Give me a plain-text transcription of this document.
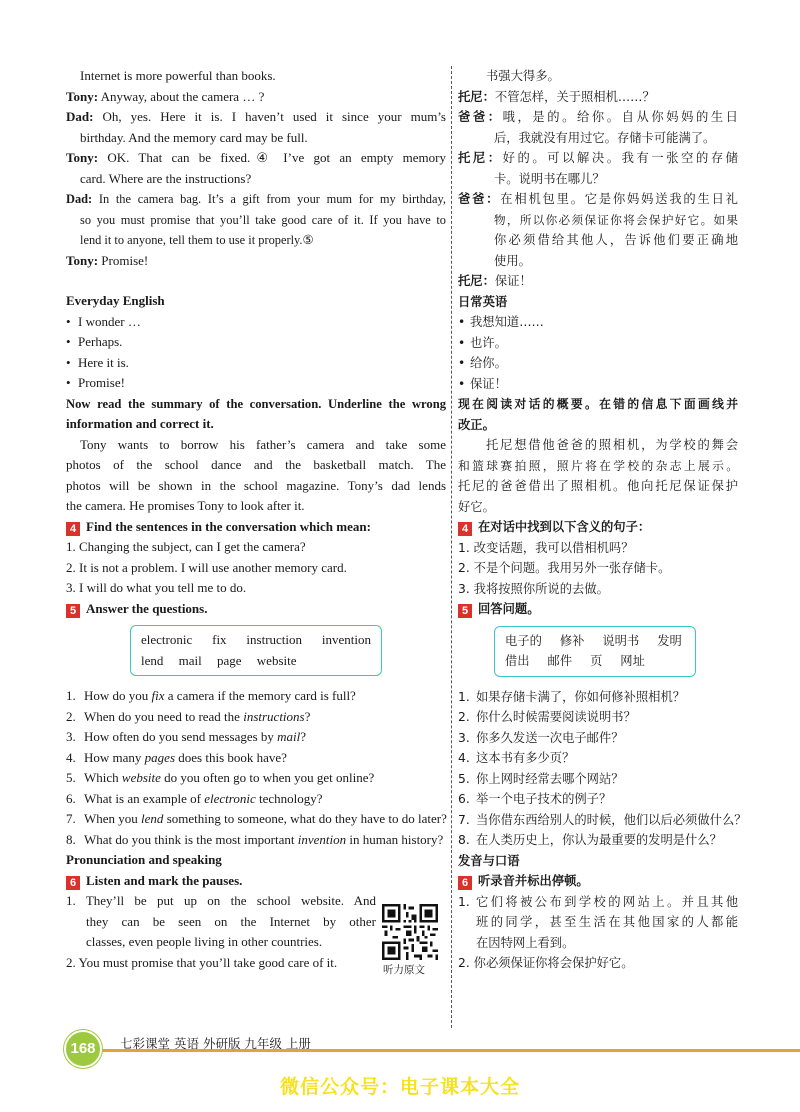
Internet is more powerful than books.
Tony: Anyway, about the camera … ?
Dad: Oh, yes. Here it is. I haven’t used it since your mum’s
birthday. And the memory card may be full.
Tony: OK. That can be fixed.④ I’ve got an empty memory
card. Where are the instructions?
Dad: In the camera bag. It’s a gift from your mum for my birthday,
so you must promise that you’ll take good care of it. If you have to
lend it to anyone, tell them to use it properly.⑤
Tony: Promise!
Everyday English
• I wonder …
• Perhaps.
• Here it is.
• Promise!
Now read the summary of the conversation. Underline the wrong
information and correct it.
Tony wants to borrow his father’s camera and take some
photos of the school dance and the basketball match. The
photos will be shown in the school magazine. Tony’s dad lends
the camera. He promises Tony to look after it.
4 Find the sentences in the conversation which mean:
1. Changing the subject, can I get the camera?
2. It is not a problem. I will use another memory card.
3. I will do what you tell me to do.
5 Answer the questions.
electronic fix instruction invention
lend mail page website
1. How do you fix a camera if the memory card is full?
2. When do you need to read the instructions?
3. How often do you send messages by mail?
4. How many pages does this book have?
5. Which website do you often go to when you get online?
6. What is an example of electronic technology?
7. When you lend something to someone, what do they have to do later?
8. What do you think is the most important invention in human history?
Pronunciation and speaking
6 Listen and mark the pauses.
1. They’ll be put up on the school website. And
they can be seen on the Internet by other
classes, even people living in other countries.
2. You must promise that you’ll take good care of it.
书强大得多。
托尼：不管怎样，关于照相机……？
爸爸：哦，是的。给你。自从你妈妈的生日
后，我就没有用过它。存储卡可能满了。
托尼：好的。可以解决。我有一张空的存储
卡。说明书在哪儿？
爸爸：在相机包里。它是你妈妈送我的生日礼
物，所以你必须保证你将会保护好它。如果
你必须借给其他人，告诉他们要正确地
使用。
托尼：保证！
日常英语
• 我想知道……
• 也许。
• 给你。
• 保证！
现在阅读对话的概要。在错的信息下面画线并
改正。
托尼想借他爸爸的照相机，为学校的舞会
和篮球赛拍照，照片将在学校的杂志上展示。
托尼的爸爸借出了照相机。他向托尼保证保护
好它。
4 在对话中找到以下含义的句子：
1. 改变话题，我可以借相机吗？
2. 不是个问题。我用另外一张存储卡。
3. 我将按照你所说的去做。
5 回答问题。
电子的 修补 说明书 发明
借出 邮件 页 网址
1. 如果存储卡满了，你如何修补照相机？
2. 你什么时候需要阅读说明书？
3. 你多久发送一次电子邮件？
4. 这本书有多少页？
5. 你上网时经常去哪个网站？
6. 举一个电子技术的例子？
7. 当你借东西给别人的时候，他们以后必须做什么？
8. 在人类历史上，你认为最重要的发明是什么？
发音与口语
6 听录音并标出停顿。
1. 它们将被公布到学校的网站上。并且其他
班的同学，甚至生活在其他国家的人都能
在因特网上看到。
2. 你必须保证你将会保护好它。
听力原文
168	七彩课堂 英语 外研版 九年级 上册
微信公众号：电子课本大全
